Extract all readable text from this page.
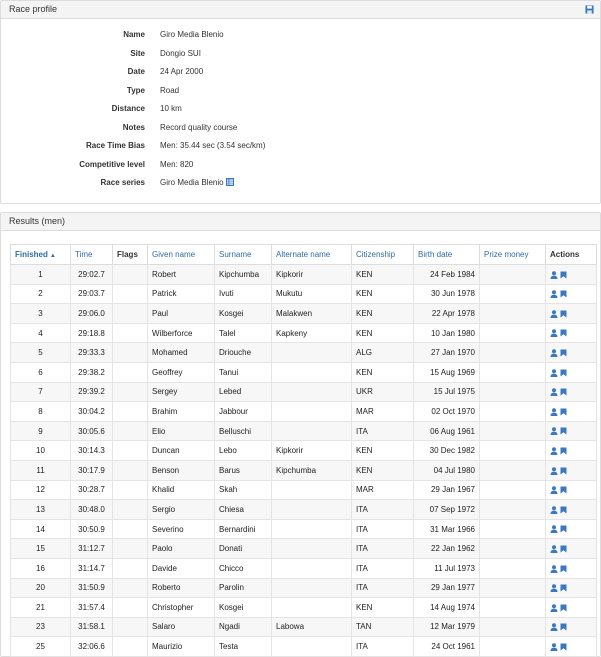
Race profile
Name Giro Media Blenio
Site Dongio SUI
Date 24 Apr 2000
Type Road
Distance 10 km
Notes Record quality course
Race Time Bias Men: 35.44 sec (3.54 sec/km)
Competitive level Men: 820
Race series Giro Media Blenio
Results (men)
Finished ▲	Time	Flags	Given name	Surname	Alternate name	Citizenship	Birth date	Prize money	Actions
1	29:02.7		Robert	Kipchumba	Kipkorir	KEN	24 Feb 1984		
2	29:03.7		Patrick	Ivuti	Mukutu	KEN	30 Jun 1978		
3	29:06.0		Paul	Kosgei	Malakwen	KEN	22 Apr 1978		
4	29:18.8		Wilberforce	Talel	Kapkeny	KEN	10 Jan 1980		
5	29:33.3		Mohamed	Driouche		ALG	27 Jan 1970		
6	29:38.2		Geoffrey	Tanui		KEN	15 Aug 1969		
7	29:39.2		Sergey	Lebed		UKR	15 Jul 1975		
8	30:04.2		Brahim	Jabbour		MAR	02 Oct 1970		
9	30:05.6		Elio	Belluschi		ITA	06 Aug 1961		
10	30:14.3		Duncan	Lebo	Kipkorir	KEN	30 Dec 1982		
11	30:17.9		Benson	Barus	Kipchumba	KEN	04 Jul 1980		
12	30:28.7		Khalid	Skah		MAR	29 Jan 1967		
13	30:48.0		Sergio	Chiesa		ITA	07 Sep 1972		
14	30:50.9		Severino	Bernardini		ITA	31 Mar 1966		
15	31:12.7		Paolo	Donati		ITA	22 Jan 1962		
16	31:14.7		Davide	Chicco		ITA	11 Jul 1973		
20	31:50.9		Roberto	Parolin		ITA	29 Jan 1977		
21	31:57.4		Christopher	Kosgei		KEN	14 Aug 1974		
23	31:58.1		Salaro	Ngadi	Labowa	TAN	12 Mar 1979		
25	32:06.6		Maurizio	Testa		ITA	24 Oct 1961		
